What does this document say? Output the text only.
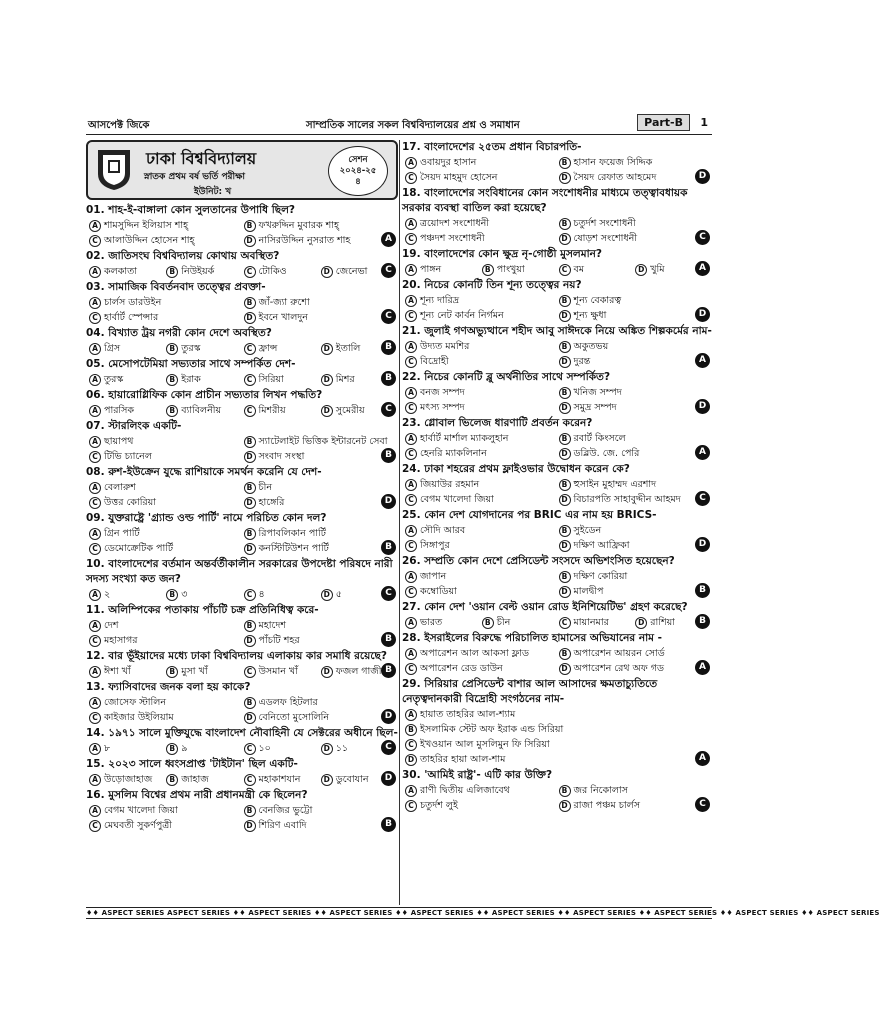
আসপেক্ট জিকে	সাম্প্রতিক সালের সকল বিশ্ববিদ্যালয়ের প্রশ্ন ও সমাধান	Part-B	1
ঢাকা বিশ্ববিদ্যালয়
স্নাতক প্রথম বর্ষ ভর্তি পরীক্ষা
ইউনিট: খ
সেশন
২০২৪-২৫
৪
01. শাহ-ই-বাঙ্গালা কোন সুলতানের উপাধি ছিল?
A শামসুদ্দিন ইলিয়াস শাহ্	B ফখরুদ্দিন মুবারক শাহ্
C আলাউদ্দিন হোসেন শাহ্	D নাসিরউদ্দিন নুসরাত শাহ	A
02. জাতিসংঘ বিশ্ববিদ্যালয় কোথায় অবস্থিত?
A কলকাতা	B নিউইয়র্ক	C টোকিও	D জেনেভা	C
03. সামাজিক বিবর্তনবাদ তত্ত্বের প্রবক্তা-
A চার্লস ডারউইন	B জাঁ-জ্যা রুশো
C হার্বার্ট স্পেন্সার	D ইবনে খালদুন	C
04. বিখ্যাত ট্রয় নগরী কোন দেশে অবস্থিত?
A গ্রিস	B তুরস্ক	C ফ্রান্স	D ইতালি	B
05. মেসোপটেমিয়া সভ্যতার সাথে সম্পর্কিত দেশ-
A তুরস্ক	B ইরাক	C সিরিয়া	D মিশর	B
06. হায়ারোগ্লিফিক কোন প্রাচীন সভ্যতার লিখন পদ্ধতি?
A পারসিক	B ব্যাবিলনীয়	C মিশরীয়	D সুমেরীয়	C
07. স্টারলিংক একটি-
A ছায়াপথ	B স্যাটেলাইট ভিত্তিক ইন্টারনেট সেবা
C টিভি চ্যানেল	D সংবাদ সংস্থা	B
08. রুশ-ইউক্রেন যুদ্ধে রাশিয়াকে সমর্থন করেনি যে দেশ-
A বেলারুশ	B চীন
C উত্তর কোরিয়া	D হাঙ্গেরি	D
09. যুক্তরাষ্ট্রে 'গ্র্যান্ড ওল্ড পার্টি' নামে পরিচিত কোন দল?
A গ্রিন পার্টি	B রিপাবলিকান পার্টি
C ডেমোক্রেটিক পার্টি	D কনস্টিটিউশন পার্টি	B
10. বাংলাদেশের বর্তমান অন্তর্বর্তীকালীন সরকারের উপদেষ্টা পরিষদে নারী সদস্য সংখ্যা কত জন?
A ২	B ৩	C ৪	D ৫	C
11. অলিম্পিকের পতাকায় পাঁচটি চক্র প্রতিনিধিত্ব করে-
A দেশ	B মহাদেশ
C মহাসাগর	D পাঁচটি শহর	B
12. বার ভূঁইয়াদের মধ্যে ঢাকা বিশ্ববিদ্যালয় এলাকায় কার সমাধি রয়েছে?
A ঈশা খাঁ	B মুসা খাঁ	C উসমান খাঁ	D ফজল গাজী B
13. ফ্যাসিবাদের জনক বলা হয় কাকে?
A জোসেফ স্টালিন	B এডলফ হিটলার
C কাইজার উইলিয়াম	D বেনিতো মুসোলিনি	D
14. ১৯৭১ সালে মুক্তিযুদ্ধে বাংলাদেশ নৌবাহিনী যে সেক্টরের অধীনে ছিল-
A ৮	B ৯	C ১০	D ১১	C
15. ২০২৩ সালে ধ্বংসপ্রাপ্ত 'টাইটান' ছিল একটি-
A উড়োজাহাজ	B জাহাজ	C মহাকাশযান	D ডুবোযান	D
16. মুসলিম বিশ্বের প্রথম নারী প্রধানমন্ত্রী কে ছিলেন?
A বেগম খালেদা জিয়া	B বেনজির ভুট্টো
C মেঘবতী সুকর্ণপুত্রী	D শিরিণ এবাদি	B
17. বাংলাদেশের ২৫তম প্রধান বিচারপতি-
A ওবায়দুর হাসান	B হাসান ফয়েজ সিদ্দিক
C সৈয়দ মাহমুদ হোসেন	D সৈয়দ রেফাত আহমেদ	D
18. বাংলাদেশের সংবিধানের কোন সংশোধনীর মাধ্যমে তত্ত্বাবধায়ক সরকার ব্যবস্থা বাতিল করা হয়েছে?
A ত্রয়োদশ সংশোধনী	B চতুর্দশ সংশোধনী
C পঞ্চদশ সংশোধনী	D ষোড়শ সংশোধনী	C
19. বাংলাদেশের কোন ক্ষুদ্র নৃ-গোষ্ঠী মুসলমান?
A পাঙ্গন	B পাংখুয়া	C বম	D খুমি	A
20. নিচের কোনটি তিন শূন্য তত্ত্বের নয়?
A শূন্য দারিদ্র	B শূন্য বেকারত্ব
C শূন্য নেট কার্বন নির্গমন	D শূন্য ক্ষুধা	D
21. জুলাই গণঅভ্যুত্থানে শহীদ আবু সাঈদকে নিয়ে অঙ্কিত শিল্পকর্মের নাম-
A উদ্যত মমশির	B অকুতভয়
C বিদ্রোহী	D দুরন্ত	A
22. নিচের কোনটি ব্লু অর্থনীতির সাথে সম্পর্কিত?
A বনজ সম্পদ	B খনিজ সম্পদ
C মৎস্য সম্পদ	D সমুদ্র সম্পদ	D
23. গ্লোবাল ভিলেজ ধারণাটি প্রবর্তন করেন?
A হার্বার্ট মার্শাল ম্যাকলুহান	B রবার্ট কিংসলে
C হেনরি ম্যাকলিনান	D ডব্লিউ. জে. পেরি	A
24. ঢাকা শহরের প্রথম ফ্লাইওভার উদ্বোধন করেন কে?
A জিয়াউর রহমান	B হুসাইন মুহাম্মদ এরশাদ
C বেগম খালেদা জিয়া	D বিচারপতি সাহাবুদ্দীন আহমদ	C
25. কোন দেশ যোগদানের পর BRIC এর নাম হয় BRICS-
A সৌদি আরব	B সুইডেন
C সিঙ্গাপুর	D দক্ষিণ আফ্রিকা	D
26. সম্প্রতি কোন দেশে প্রেসিডেন্ট সংসদে অভিশংসিত হয়েছেন?
A জাপান	B দক্ষিণ কোরিয়া
C কম্বোডিয়া	D মালদ্বীপ	B
27. কোন দেশ 'ওয়ান বেল্ট ওয়ান রোড ইনিশিয়েটিভ' গ্রহণ করেছে?
A ভারত	B চীন	C মায়ানমার	D রাশিয়া	B
28. ইসরাইলের বিরুদ্ধে পরিচালিত হামাসের অভিযানের নাম -
A অপারেশন আল আকসা ফ্লাড	B অপারেশন আয়রন সোর্ড
C অপারেশন রেড ডাউন	D অপারেশন রেথ অফ গড	A
29. সিরিয়ার প্রেসিডেন্ট বাশার আল আসাদের ক্ষমতাচ্যুতিতে নেতৃত্বদানকারী বিদ্রোহী সংগঠনের নাম-
A হায়াত তাহরির আল-শ্যাম
B ইসলামিক স্টেট অফ ইরাক এন্ড সিরিয়া
C ইখওয়ান আল মুসলিমুন ফি সিরিয়া
D তাহরির হায়া আল-শাম	A
30. 'আমিই রাষ্ট্র'- এটি কার উক্তি?
A রাণী দ্বিতীয় এলিজাবেথ	B জর নিকোলাস
C চতুর্দশ লুই	D রাজা পঞ্চম চার্লস	C
♦♦ ASPECT SERIES ASPECT SERIES ♦♦ ASPECT SERIES ♦♦ ASPECT SERIES ♦♦ ASPECT SERIES ♦♦ ASPECT SERIES ♦♦ ASPECT SERIES ♦♦ ASPECT SERIES ♦♦ ASPECT SERIES ♦♦ ASPECT SERIES
